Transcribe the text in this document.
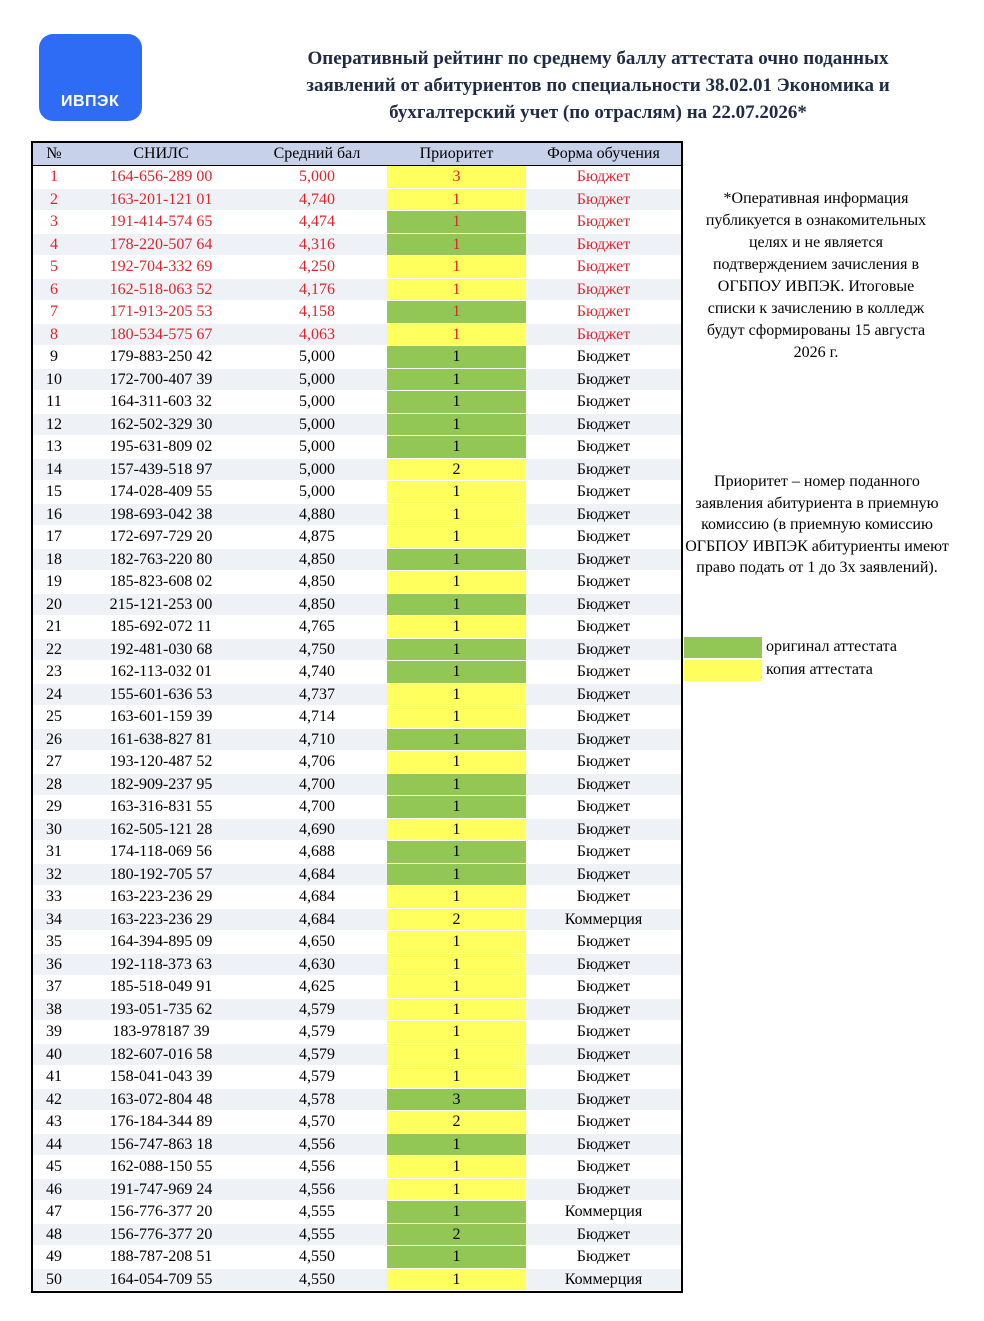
ИВПЭК
Оперативный рейтинг по среднему баллу аттестата очно поданных заявлений от абитуриентов по специальности 38.02.01 Экономика и бухгалтерский учет (по отраслям) на 22.07.2026*
№	СНИЛС	Средний бал	Приоритет	Форма обучения
1	164-656-289 00	5,000	3	Бюджет
2	163-201-121 01	4,740	1	Бюджет
3	191-414-574 65	4,474	1	Бюджет
4	178-220-507 64	4,316	1	Бюджет
5	192-704-332 69	4,250	1	Бюджет
6	162-518-063 52	4,176	1	Бюджет
7	171-913-205 53	4,158	1	Бюджет
8	180-534-575 67	4,063	1	Бюджет
9	179-883-250 42	5,000	1	Бюджет
10	172-700-407 39	5,000	1	Бюджет
11	164-311-603 32	5,000	1	Бюджет
12	162-502-329 30	5,000	1	Бюджет
13	195-631-809 02	5,000	1	Бюджет
14	157-439-518 97	5,000	2	Бюджет
15	174-028-409 55	5,000	1	Бюджет
16	198-693-042 38	4,880	1	Бюджет
17	172-697-729 20	4,875	1	Бюджет
18	182-763-220 80	4,850	1	Бюджет
19	185-823-608 02	4,850	1	Бюджет
20	215-121-253 00	4,850	1	Бюджет
21	185-692-072 11	4,765	1	Бюджет
22	192-481-030 68	4,750	1	Бюджет
23	162-113-032 01	4,740	1	Бюджет
24	155-601-636 53	4,737	1	Бюджет
25	163-601-159 39	4,714	1	Бюджет
26	161-638-827 81	4,710	1	Бюджет
27	193-120-487 52	4,706	1	Бюджет
28	182-909-237 95	4,700	1	Бюджет
29	163-316-831 55	4,700	1	Бюджет
30	162-505-121 28	4,690	1	Бюджет
31	174-118-069 56	4,688	1	Бюджет
32	180-192-705 57	4,684	1	Бюджет
33	163-223-236 29	4,684	1	Бюджет
34	163-223-236 29	4,684	2	Коммерция
35	164-394-895 09	4,650	1	Бюджет
36	192-118-373 63	4,630	1	Бюджет
37	185-518-049 91	4,625	1	Бюджет
38	193-051-735 62	4,579	1	Бюджет
39	183-978187 39	4,579	1	Бюджет
40	182-607-016 58	4,579	1	Бюджет
41	158-041-043 39	4,579	1	Бюджет
42	163-072-804 48	4,578	3	Бюджет
43	176-184-344 89	4,570	2	Бюджет
44	156-747-863 18	4,556	1	Бюджет
45	162-088-150 55	4,556	1	Бюджет
46	191-747-969 24	4,556	1	Бюджет
47	156-776-377 20	4,555	1	Коммерция
48	156-776-377 20	4,555	2	Бюджет
49	188-787-208 51	4,550	1	Бюджет
50	164-054-709 55	4,550	1	Коммерция
*Оперативная информация публикуется в ознакомительных целях и не является подтверждением зачисления в ОГБПОУ ИВПЭК. Итоговые списки к зачислению в колледж будут сформированы 15 августа 2026 г.
Приоритет – номер поданного заявления абитуриента в приемную комиссию (в приемную комиссию ОГБПОУ ИВПЭК абитуриенты имеют право подать от 1 до 3х заявлений).
оригинал аттестата
копия аттестата
